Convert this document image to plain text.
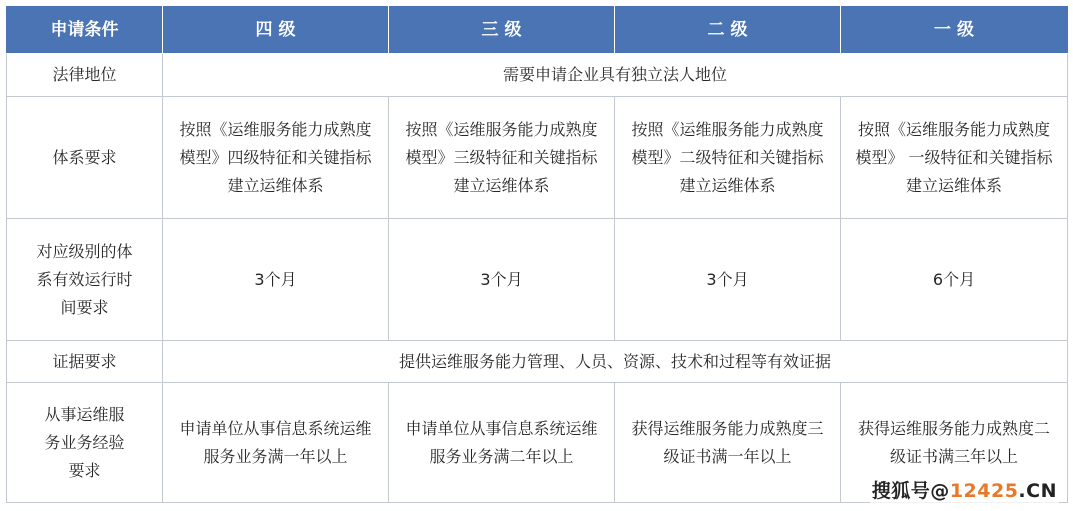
申请条件	四 级	三 级	二 级	一 级
法律地位	需要申请企业具有独立法人地位			
体系要求	按照《运维服务能力成熟度模型》四级特征和关键指标建立运维体系	按照《运维服务能力成熟度模型》三级特征和关键指标建立运维体系	按照《运维服务能力成熟度模型》二级特征和关键指标建立运维体系	按照《运维服务能力成熟度模型》 一级特征和关键指标建立运维体系
对应级别的体系有效运行时间要求	3个月	3个月	3个月	6个月
证据要求	提供运维服务能力管理、人员、资源、技术和过程等有效证据			
从事运维服务业务经验要求	申请单位从事信息系统运维服务业务满一年以上	申请单位从事信息系统运维服务业务满二年以上	获得运维服务能力成熟度三级证书满一年以上	获得运维服务能力成熟度二级证书满三年以上
搜狐号@12425.CN
